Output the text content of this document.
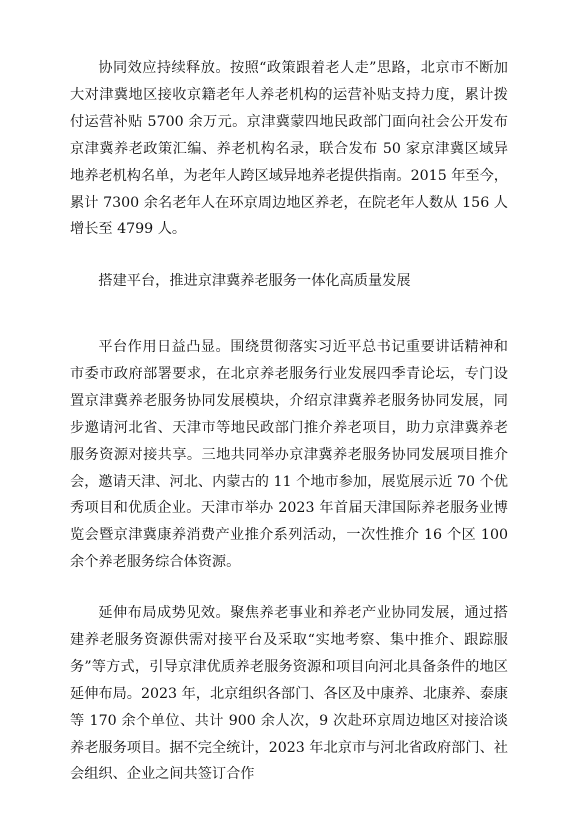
协同效应持续释放。按照“政策跟着老人走”思路，北京市不断加大对津冀地区接收京籍老年人养老机构的运营补贴支持力度，累计拨付运营补贴 5700 余万元。京津冀蒙四地民政部门面向社会公开发布京津冀养老政策汇编、养老机构名录，联合发布 50 家京津冀区域异地养老机构名单，为老年人跨区域异地养老提供指南。2015 年至今，累计 7300 余名老年人在环京周边地区养老，在院老年人数从 156 人增长至 4799 人。

搭建平台，推进京津冀养老服务一体化高质量发展

平台作用日益凸显。围绕贯彻落实习近平总书记重要讲话精神和市委市政府部署要求，在北京养老服务行业发展四季青论坛，专门设置京津冀养老服务协同发展模块，介绍京津冀养老服务协同发展，同步邀请河北省、天津市等地民政部门推介养老项目，助力京津冀养老服务资源对接共享。三地共同举办京津冀养老服务协同发展项目推介会，邀请天津、河北、内蒙古的 11 个地市参加，展览展示近 70 个优秀项目和优质企业。天津市举办 2023 年首届天津国际养老服务业博览会暨京津冀康养消费产业推介系列活动，一次性推介 16 个区 100 余个养老服务综合体资源。

延伸布局成势见效。聚焦养老事业和养老产业协同发展，通过搭建养老服务资源供需对接平台及采取“实地考察、集中推介、跟踪服务”等方式，引导京津优质养老服务资源和项目向河北具备条件的地区延伸布局。2023 年，北京组织各部门、各区及中康养、北康养、泰康等 170 余个单位、共计 900 余人次，9 次赴环京周边地区对接洽谈养老服务项目。据不完全统计，2023 年北京市与河北省政府部门、社会组织、企业之间共签订合作
